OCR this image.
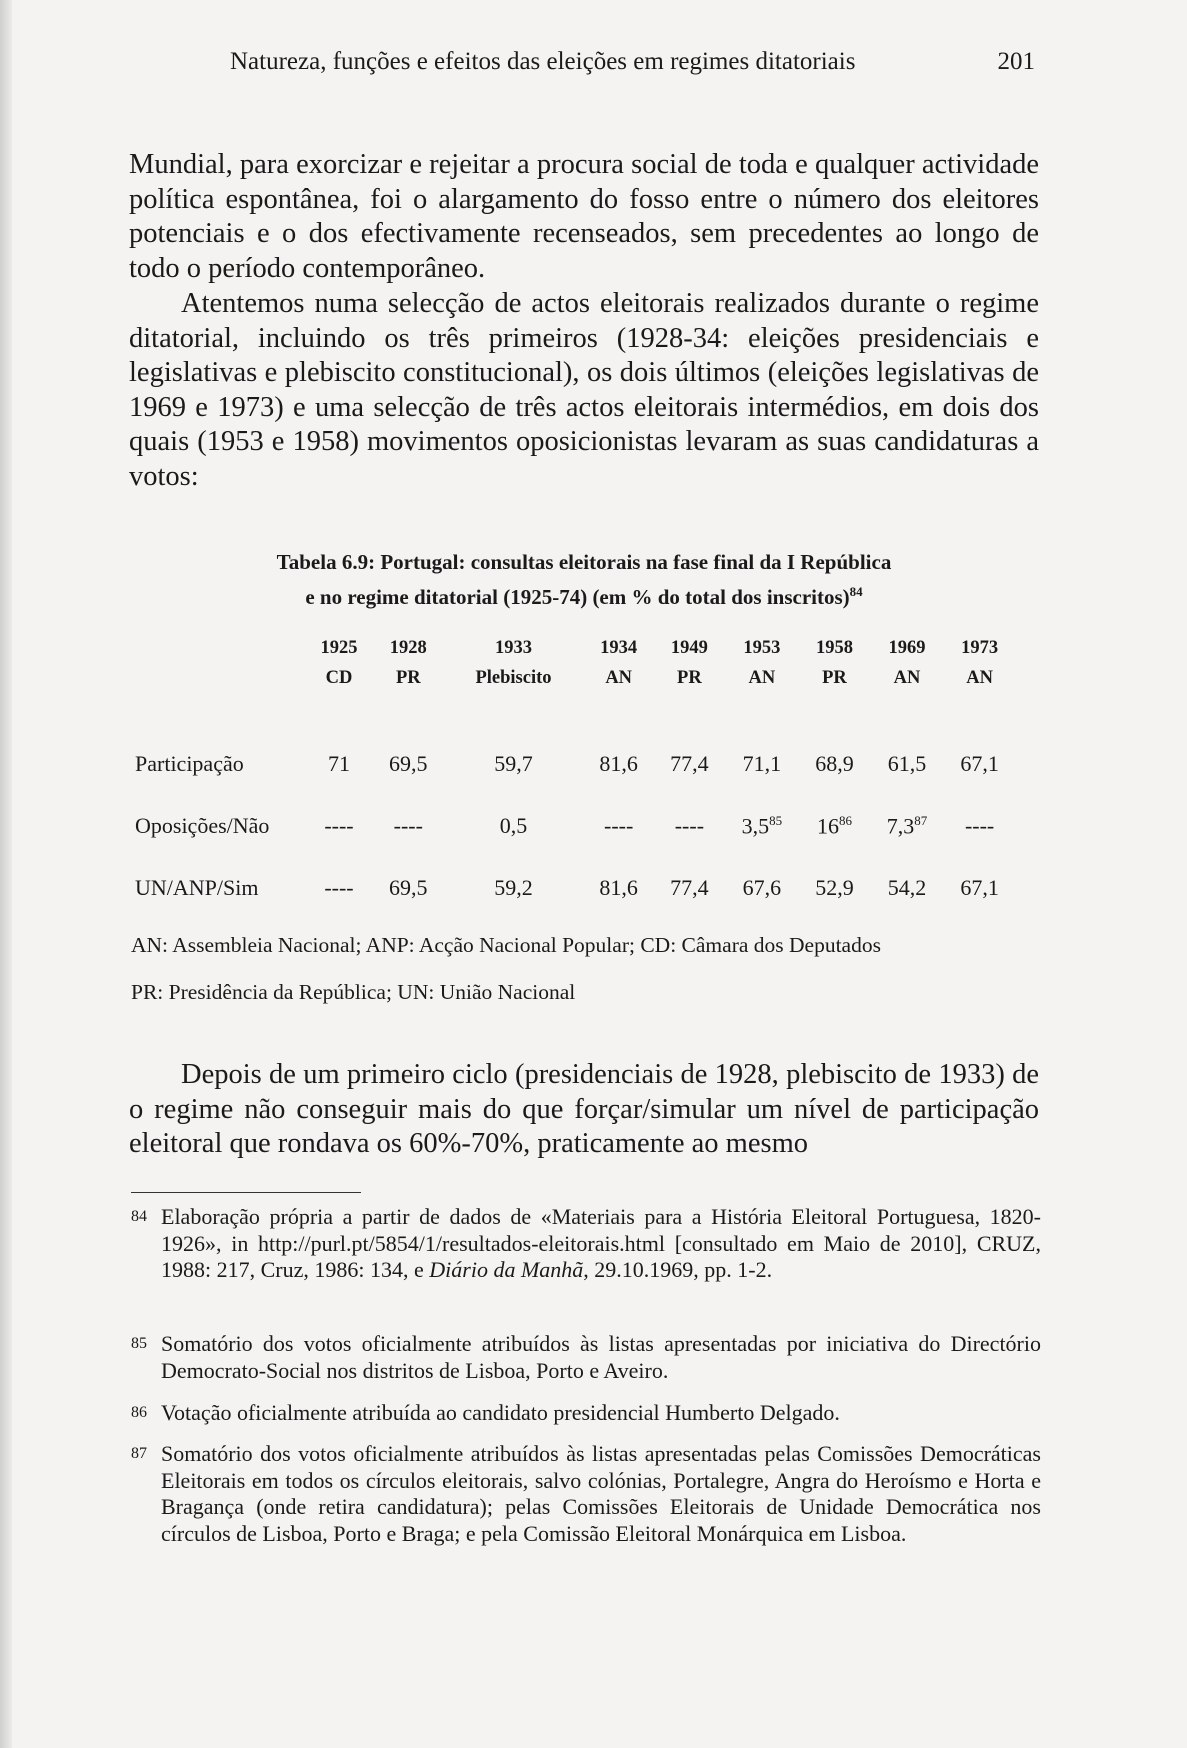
Natureza, funções e efeitos das eleições em regimes ditatoriais	201

Mundial, para exorcizar e rejeitar a procura social de toda e qualquer actividade política espontânea, foi o alargamento do fosso entre o número dos eleitores potenciais e o dos efectivamente recenseados, sem precedentes ao longo de todo o período contemporâneo.

Atentemos numa selecção de actos eleitorais realizados durante o regime ditatorial, incluindo os três primeiros (1928-34: eleições presidenciais e legislativas e plebiscito constitucional), os dois últimos (eleições legislativas de 1969 e 1973) e uma selecção de três actos eleitorais intermédios, em dois dos quais (1953 e 1958) movimentos oposicionistas levaram as suas candidaturas a votos:

Tabela 6.9: Portugal: consultas eleitorais na fase final da I República
e no regime ditatorial (1925-74) (em % do total dos inscritos)$^{84}$
	1925	1928	1933	1934	1949	1953	1958	1969	1973
	CD	PR	Plebiscito	AN	PR	AN	PR	AN	AN

Participação	71	69,5	59,7	81,6	77,4	71,1	68,9	61,5	67,1
Oposições/Não	----	----	0,5	----	----	$3,5^{85}$	$16^{86}$	$7,3^{87}$	----
UN/ANP/Sim	----	69,5	59,2	81,6	77,4	67,6	52,9	54,2	67,1

AN: Assembleia Nacional; ANP: Acção Nacional Popular; CD: Câmara dos Deputados

PR: Presidência da República; UN: União Nacional

Depois de um primeiro ciclo (presidenciais de 1928, plebiscito de 1933) de o regime não conseguir mais do que forçar/simular um nível de participação eleitoral que rondava os 60%-70%, praticamente ao mesmo

84 Elaboração própria a partir de dados de «Materiais para a História Eleitoral Portuguesa, 1820-1926», in http://purl.pt/5854/1/resultados-eleitorais.html [consultado em Maio de 2010], CRUZ, 1988: 217, Cruz, 1986: 134, e Diário da Manhã, 29.10.1969, pp. 1-2.
85 Somatório dos votos oficialmente atribuídos às listas apresentadas por iniciativa do Directório Democrato-Social nos distritos de Lisboa, Porto e Aveiro.
86 Votação oficialmente atribuída ao candidato presidencial Humberto Delgado.
87 Somatório dos votos oficialmente atribuídos às listas apresentadas pelas Comissões Democráticas Eleitorais em todos os círculos eleitorais, salvo colónias, Portalegre, Angra do Heroísmo e Horta e Bragança (onde retira candidatura); pelas Comissões Eleitorais de Unidade Democrática nos círculos de Lisboa, Porto e Braga; e pela Comissão Eleitoral Monárquica em Lisboa.
